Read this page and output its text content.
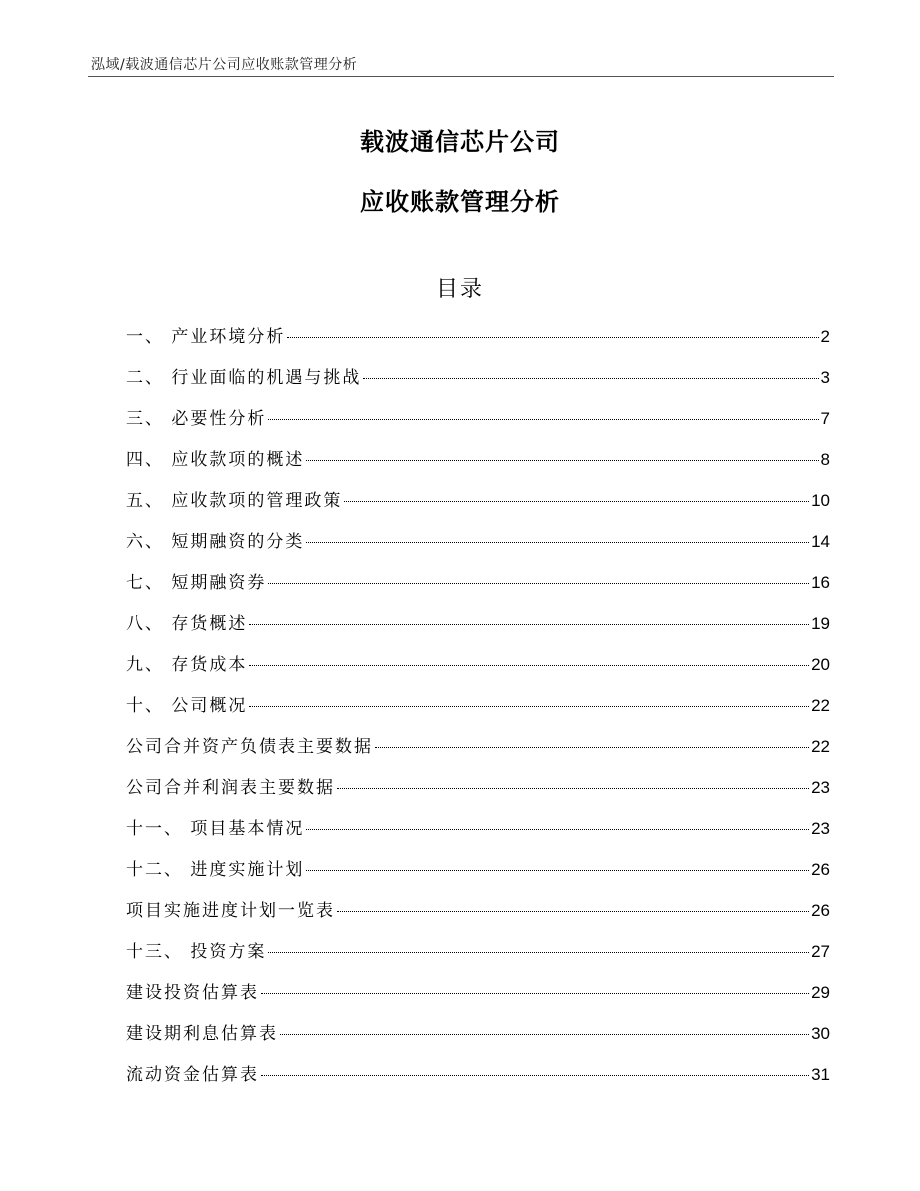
泓域/载波通信芯片公司应收账款管理分析
载波通信芯片公司
应收账款管理分析
目录
一、 产业环境分析	2
二、 行业面临的机遇与挑战	3
三、 必要性分析	7
四、 应收款项的概述	8
五、 应收款项的管理政策	10
六、 短期融资的分类	14
七、 短期融资券	16
八、 存货概述	19
九、 存货成本	20
十、 公司概况	22
公司合并资产负债表主要数据	22
公司合并利润表主要数据	23
十一、 项目基本情况	23
十二、 进度实施计划	26
项目实施进度计划一览表	26
十三、 投资方案	27
建设投资估算表	29
建设期利息估算表	30
流动资金估算表	31
